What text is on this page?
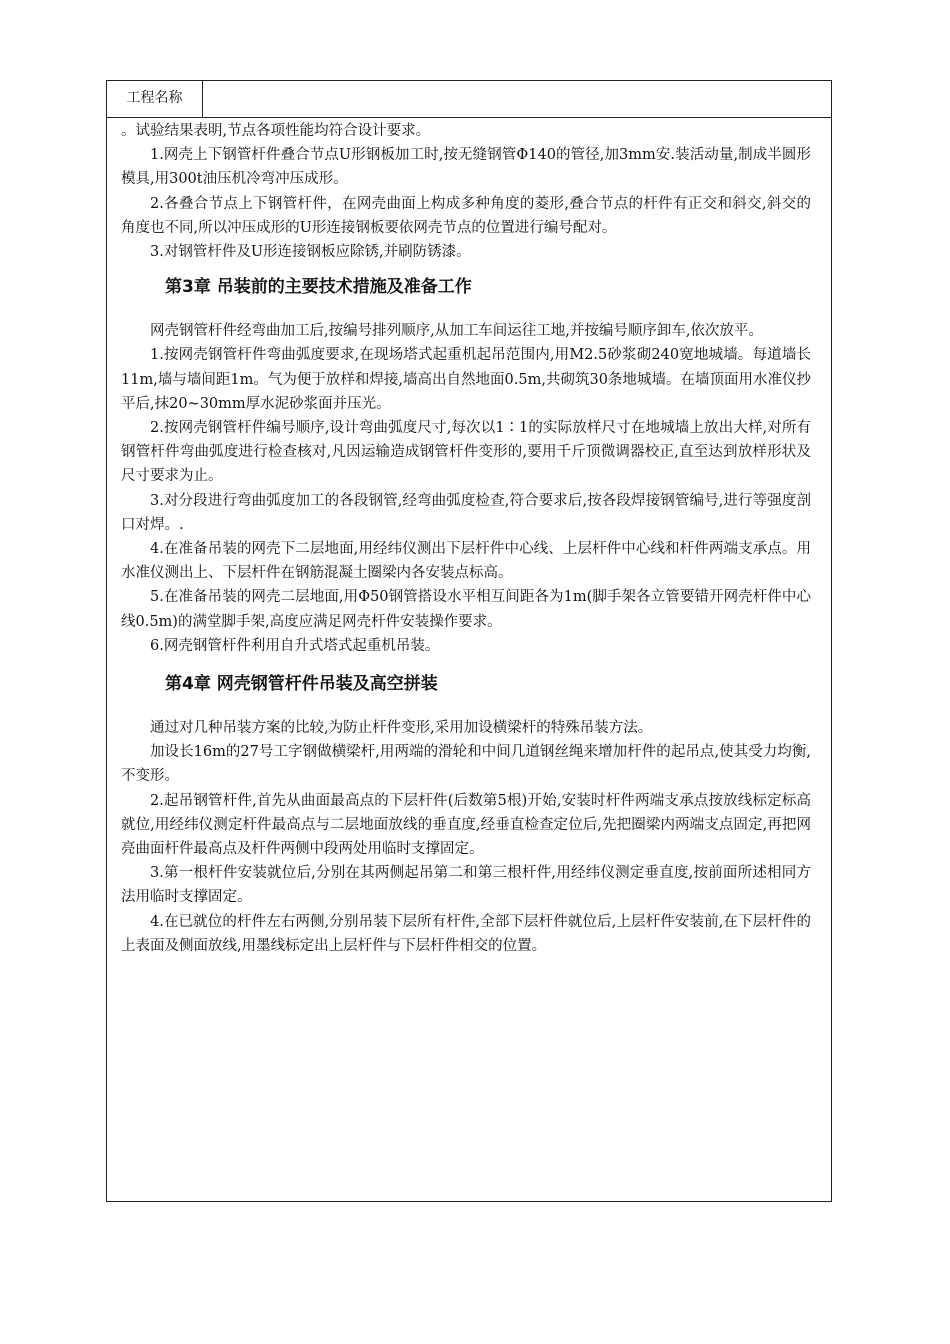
工程名称

。试验结果表明,节点各项性能均符合设计要求。

1.网壳上下钢管杆件叠合节点U形钢板加工时,按无缝钢管Φ140的管径,加3mm安.装活动量,制成半圆形模具,用300t油压机冷弯冲压成形。

2.各叠合节点上下钢管杆件，在网壳曲面上构成多种角度的菱形,叠合节点的杆件有正交和斜交,斜交的角度也不同,所以冲压成形的U形连接钢板要依网壳节点的位置进行编号配对。

3.对钢管杆件及U形连接钢板应除锈,并刷防锈漆。

第3章 吊装前的主要技术措施及准备工作

网壳钢管杆件经弯曲加工后,按编号排列顺序,从加工车间运往工地,并按编号顺序卸车,依次放平。

1.按网壳钢管杆件弯曲弧度要求,在现场塔式起重机起吊范围内,用M2.5砂浆砌240宽地城墙。每道墙长11m,墙与墙间距1m。气为便于放样和焊接,墙高出自然地面0.5m,共砌筑30条地城墙。在墙顶面用水准仪抄平后,抹20~30mm厚水泥砂浆面并压光。

2.按网壳钢管杆件编号顺序,设计弯曲弧度尺寸,每次以1∶1的实际放样尺寸在地城墙上放出大样,对所有钢管杆件弯曲弧度进行检查核对,凡因运输造成钢管杆件变形的,要用千斤顶微调器校正,直至达到放样形状及尺寸要求为止。

3.对分段进行弯曲弧度加工的各段钢管,经弯曲弧度检查,符合要求后,按各段焊接钢管编号,进行等强度剖口对焊。.

4.在准备吊装的网壳下二层地面,用经纬仪测出下层杆件中心线、上层杆件中心线和杆件两端支承点。用水准仪测出上、下层杆件在钢筋混凝土圈梁内各安装点标高。

5.在准备吊装的网壳二层地面,用Φ50钢管搭设水平相互间距各为1m(脚手架各立管要错开网壳杆件中心线0.5m)的满堂脚手架,高度应满足网壳杆件安装操作要求。

6.网壳钢管杆件利用自升式塔式起重机吊装。

第4章 网壳钢管杆件吊装及高空拼装

通过对几种吊装方案的比较,为防止杆件变形,采用加设横梁杆的特殊吊装方法。

加设长16m的27号工字钢做横梁杆,用两端的滑轮和中间几道钢丝绳来增加杆件的起吊点,使其受力均衡,不变形。

2.起吊钢管杆件,首先从曲面最高点的下层杆件(后数第5根)开始,安装时杆件两端支承点按放线标定标高就位,用经纬仪测定杆件最高点与二层地面放线的垂直度,经垂直检查定位后,先把圈梁内两端支点固定,再把网亮曲面杆件最高点及杆件两侧中段两处用临时支撑固定。

3.第一根杆件安装就位后,分别在其两侧起吊第二和第三根杆件,用经纬仪测定垂直度,按前面所述相同方法用临时支撑固定。

4.在已就位的杆件左右两侧,分别吊装下层所有杆件,全部下层杆件就位后,上层杆件安装前,在下层杆件的上表面及侧面放线,用墨线标定出上层杆件与下层杆件相交的位置。
